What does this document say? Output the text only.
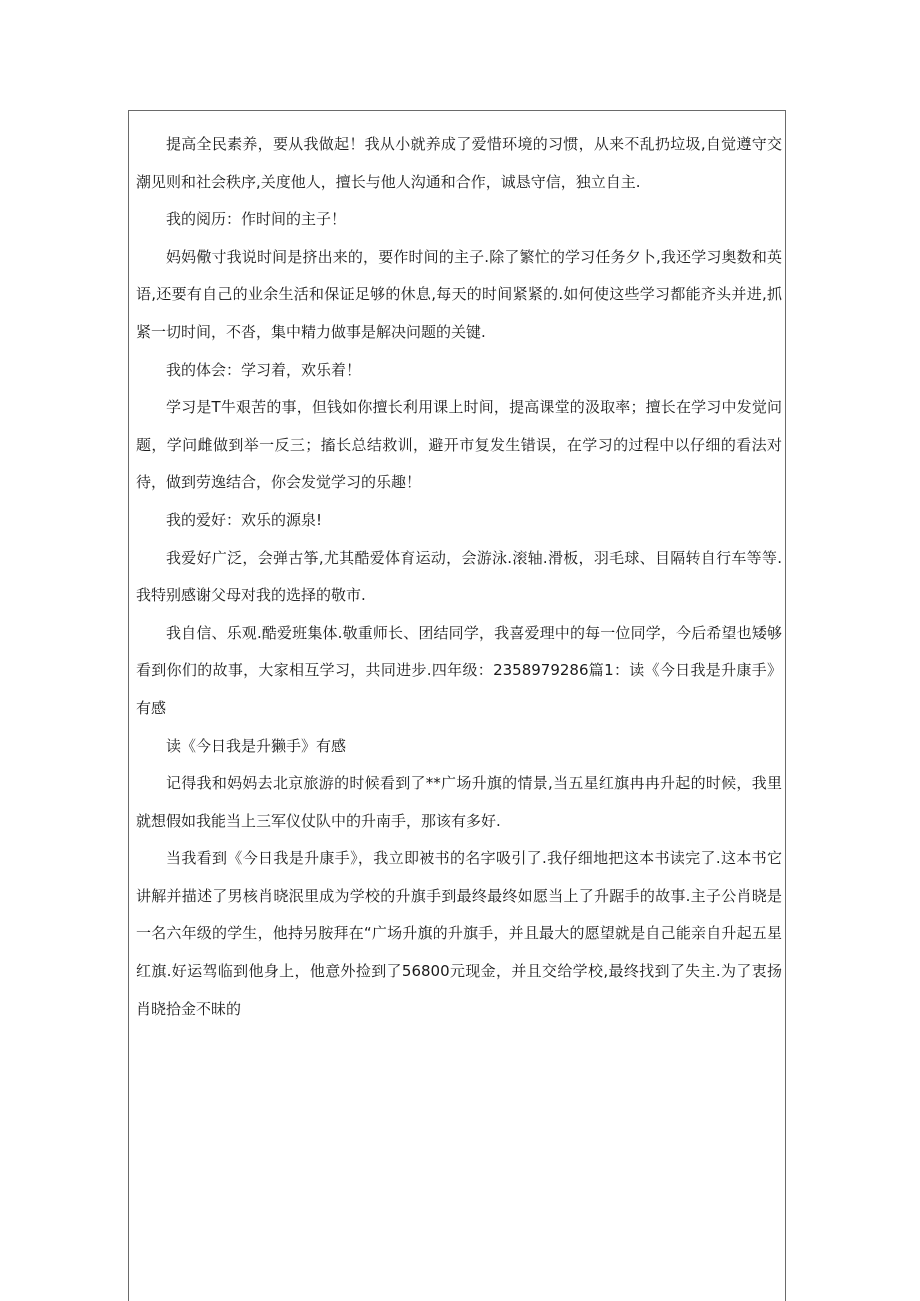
提高全民素养，要从我做起！我从小就养成了爱惜环境的习惯，从来不乱扔垃圾,自觉遵守交潮见则和社会秩序,关度他人，擅长与他人沟通和合作，诚恳守信，独立自主.

我的阅历：作时间的主子！

妈妈儆寸我说时间是挤出来的，要作时间的主子.除了繁忙的学习任务夕卜,我还学习奥数和英语,还要有自己的业余生活和保证足够的休息,每天的时间紧紧的.如何使这些学习都能齐头并进,抓紧一切时间，不沓，集中精力做事是解决问题的关键.

我的体会：学习着，欢乐着！

学习是T牛艰苦的事，但钱如你擅长利用课上时间，提高课堂的汲取率；擅长在学习中发觉问题，学问雌做到举一反三；搐长总结救训，避开市复发生错误，在学习的过程中以仔细的看法对待，做到劳逸结合，你会发觉学习的乐趣！

我的爱好：欢乐的源泉!

我爱好广泛，会弹古筝,尤其酷爱体育运动，会游泳.滚轴.滑板，羽毛球、目隔转自行车等等.我特别感谢父母对我的选择的敬市.

我自信、乐观.酷爱班集体.敬重师长、团结同学，我喜爱理中的每一位同学，今后希望也矮够看到你们的故事，大家相互学习，共同进步.四年级：2358979286篇1：读《今日我是升康手》有感

读《今日我是升獭手》有感

记得我和妈妈去北京旅游的时候看到了**广场升旗的情景,当五星红旗冉冉升起的时候，我里就想假如我能当上三军仪仗队中的升南手，那该有多好.

当我看到《今日我是升康手》，我立即被书的名字吸引了.我仔细地把这本书读完了.这本书它讲解并描述了男核肖晓泯里成为学校的升旗手到最终最终如愿当上了升踞手的故事.主子公肖晓是一名六年级的学生，他持另胺拜在“广场升旗的升旗手，并且最大的愿望就是自己能亲自升起五星红旗.好运驾临到他身上，他意外捡到了56800元现金，并且交给学校,最终找到了失主.为了衷扬肖晓拾金不昧的
